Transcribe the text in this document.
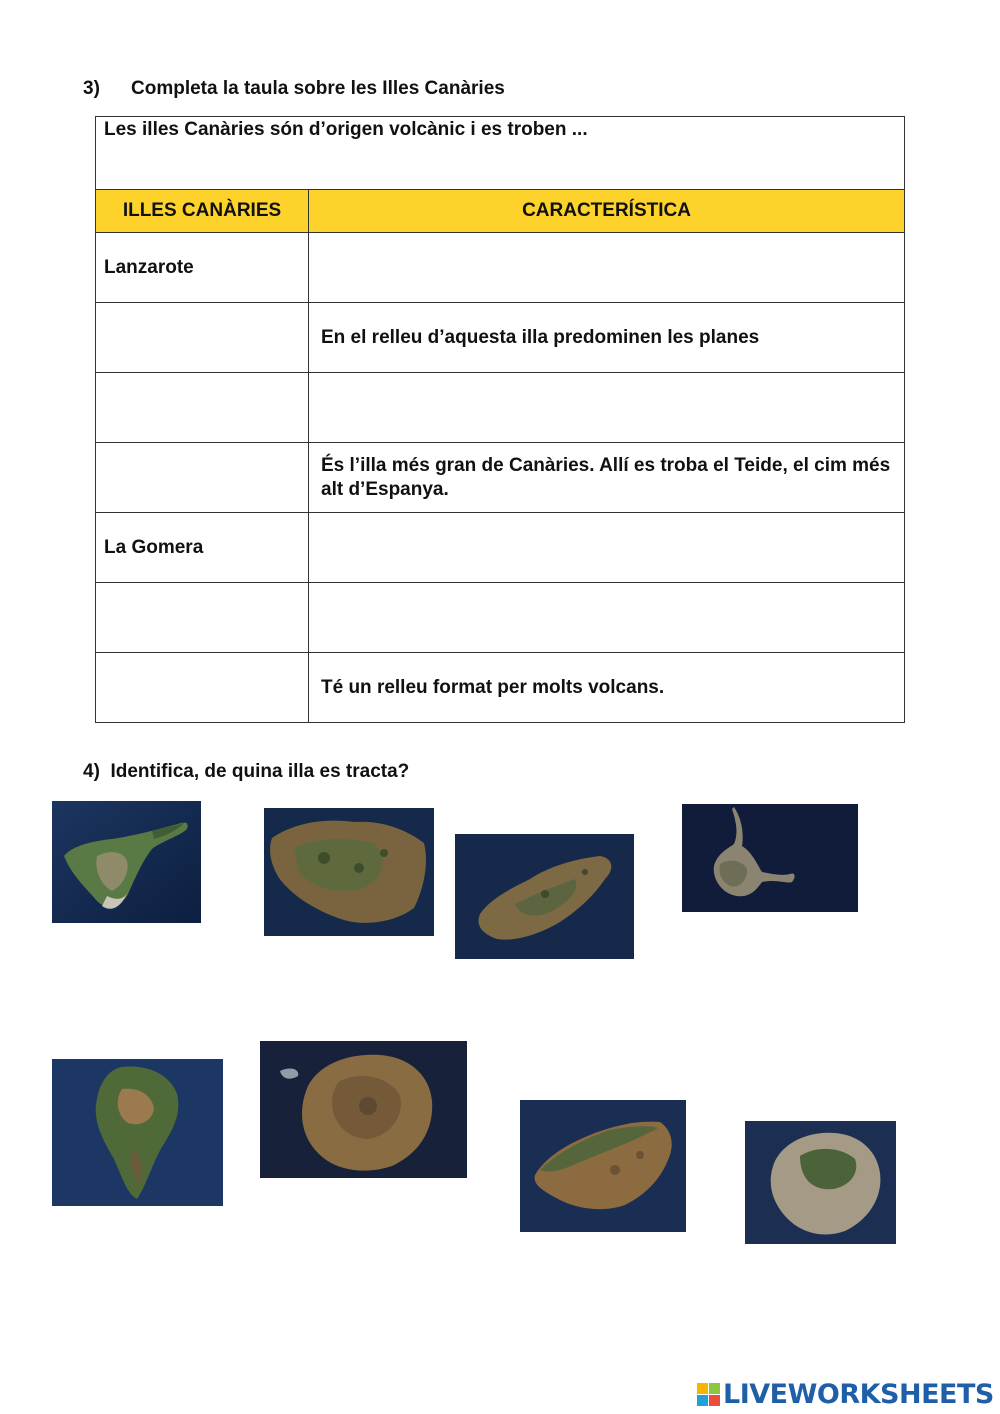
3) Completa la taula sobre les Illes Canàries
Les illes Canàries són d’origen volcànic i es troben ...	
ILLES CANÀRIES	CARACTERÍSTICA
Lanzarote	
	En el relleu d’aquesta illa predominen les planes

	És l’illa més gran de Canàries. Allí es troba el Teide, el cim més alt d’Espanya.
La Gomera	

	Té un relleu format per molts volcans.
4) Identifica, de quina illa es tracta?
LIVEWORKSHEETS
